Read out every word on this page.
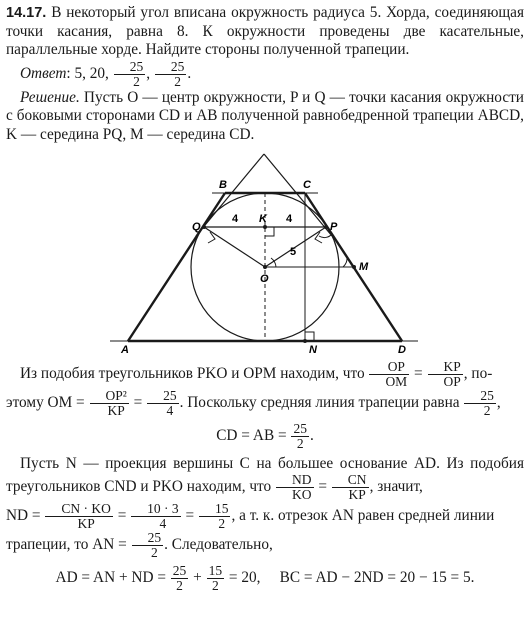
14.17. В некоторый угол вписана окружность радиуса 5. Хорда, соединяющая точки касания, равна 8. К окружности проведены две касательные, параллельные хорде. Найдите стороны полученной трапеции.

Ответ: 5, 20, $\frac{25}{2}$ , $\frac{25}{2}$ .

Решение. Пусть O — центр окружности, P и Q — точки касания окружности с боковыми сторонами CD и AB полученной равнобедренной трапеции ABCD, K — середина PQ, M — середина CD.

B	C
Q
K
P
O
M
A	N	D
4	4
5

Из подобия треугольников PKO и OPM находим, что $\frac{OP}{OM} = \frac{KP}{OP}$ , по-
этому OM = $\frac{\text{OP²}}{KP} = \frac{25}{4}$ . Поскольку средняя линия трапеции равна $\frac{25}{2}$ ,

CD = AB = $\frac{25}{2}$ .

Пусть N — проекция вершины C на большее основание AD. Из подобия треугольников CND и PKO находим, что $\frac{ND}{KO} = \frac{CN}{KP}$ , значит,
ND = $\frac{CN \cdot KO}{KP} = \frac{10 \cdot 3}{4} = \frac{15}{2}$ , а т. к. отрезок AN равен средней линии
трапеции, то AN = $\frac{25}{2}$ . Следовательно,

AD = AN + ND = $\frac{25}{2} + \frac{15}{2} = 20$, BC = AD − 2ND = 20 − 15 = 5.
